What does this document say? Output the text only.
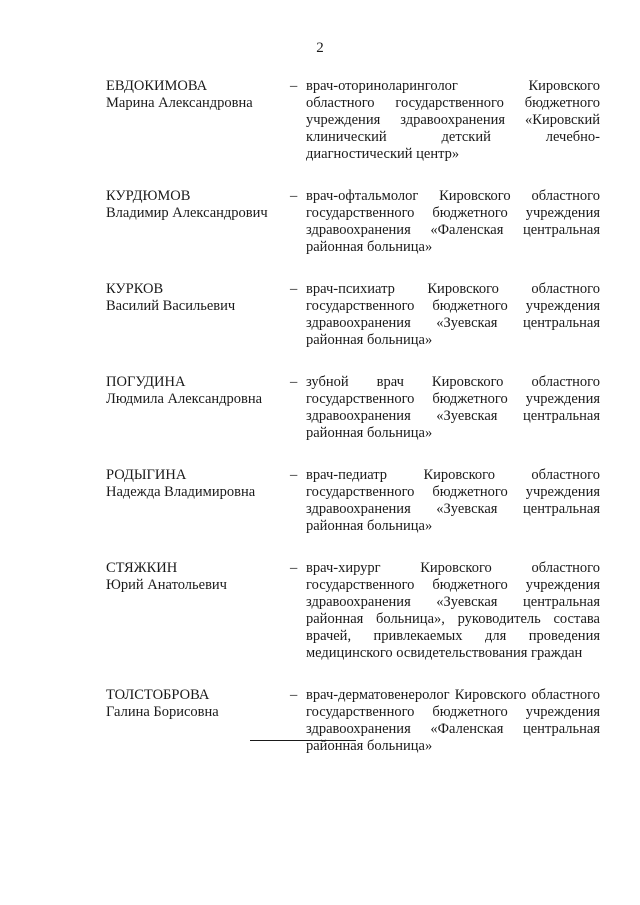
2
ЕВДОКИМОВА
Марина Александровна
– врач-оториноларинголог Кировского областного государственного бюджетного учреждения здравоохранения «Кировский клинический детский лечебно-диагностический центр»
КУРДЮМОВ
Владимир Александрович
– врач-офтальмолог Кировского областного государственного бюджетного учреждения здравоохранения «Фаленская центральная районная больница»
КУРКОВ
Василий Васильевич
– врач-психиатр Кировского областного государственного бюджетного учреждения здравоохранения «Зуевская центральная районная больница»
ПОГУДИНА
Людмила Александровна
– зубной врач Кировского областного государственного бюджетного учреждения здравоохранения «Зуевская центральная районная больница»
РОДЫГИНА
Надежда Владимировна
– врач-педиатр Кировского областного государственного бюджетного учреждения здравоохранения «Зуевская центральная районная больница»
СТЯЖКИН
Юрий Анатольевич
– врач-хирург Кировского областного государственного бюджетного учреждения здравоохранения «Зуевская центральная районная больница», руководитель состава врачей, привлекаемых для проведения медицинского освидетельствования граждан
ТОЛСТОБРОВА
Галина Борисовна
– врач-дерматовенеролог Кировского областного государственного бюджетного учреждения здравоохранения «Фаленская центральная районная больница»
